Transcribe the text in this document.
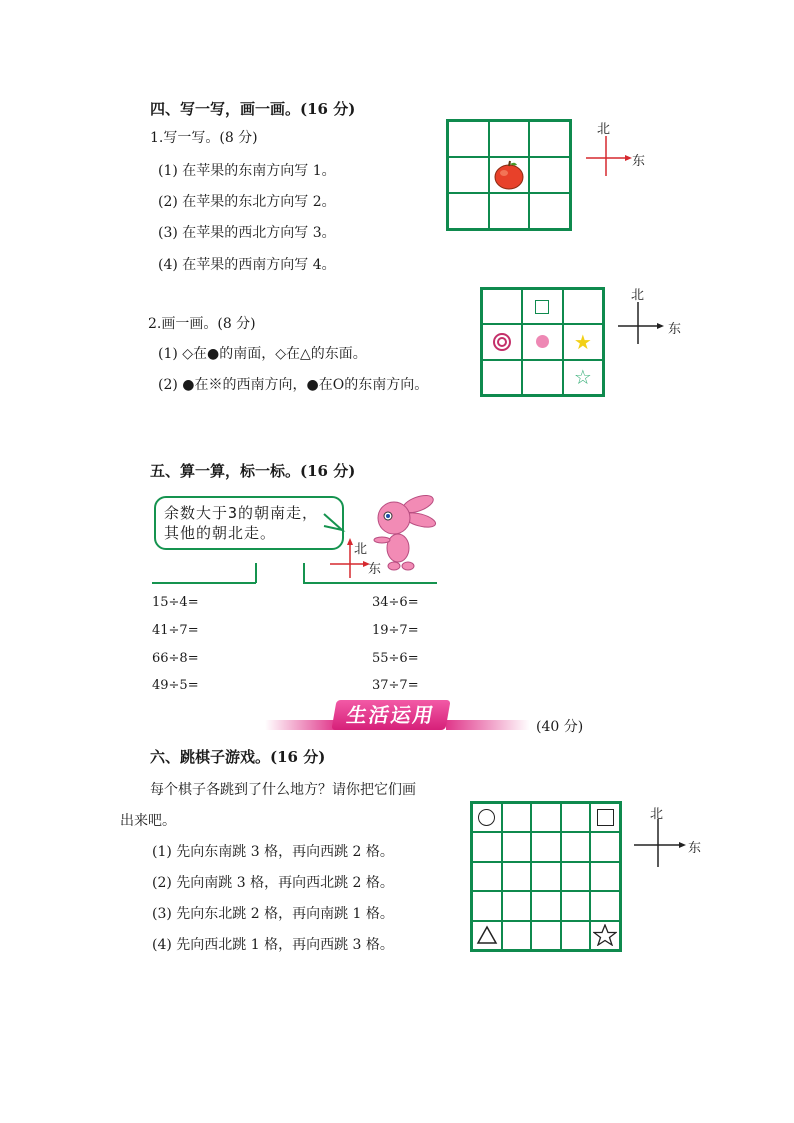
四、写一写，画一画。(16 分)
1.写一写。(8 分)
(1) 在苹果的东南方向写 1。
(2) 在苹果的东北方向写 2。
(3) 在苹果的西北方向写 3。
(4) 在苹果的西南方向写 4。
北
东
2.画一画。(8 分)
(1) ◇在●的南面，◇在△的东面。
(2) ●在※的西南方向，●在O的东南方向。
★
☆
北
东
五、算一算，标一标。(16 分)
余数大于3的朝南走，
其他的朝北走。
北
东
15÷4=
41÷7=
66÷8=
49÷5=
34÷6=
19÷7=
55÷6=
37÷7=
生活运用	(40 分)
六、跳棋子游戏。(16 分)
每个棋子各跳到了什么地方？请你把它们画
出来吧。
(1) 先向东南跳 3 格，再向西跳 2 格。
(2) 先向南跳 3 格，再向西北跳 2 格。
(3) 先向东北跳 2 格，再向南跳 1 格。
(4) 先向西北跳 1 格，再向西跳 3 格。
北
东
